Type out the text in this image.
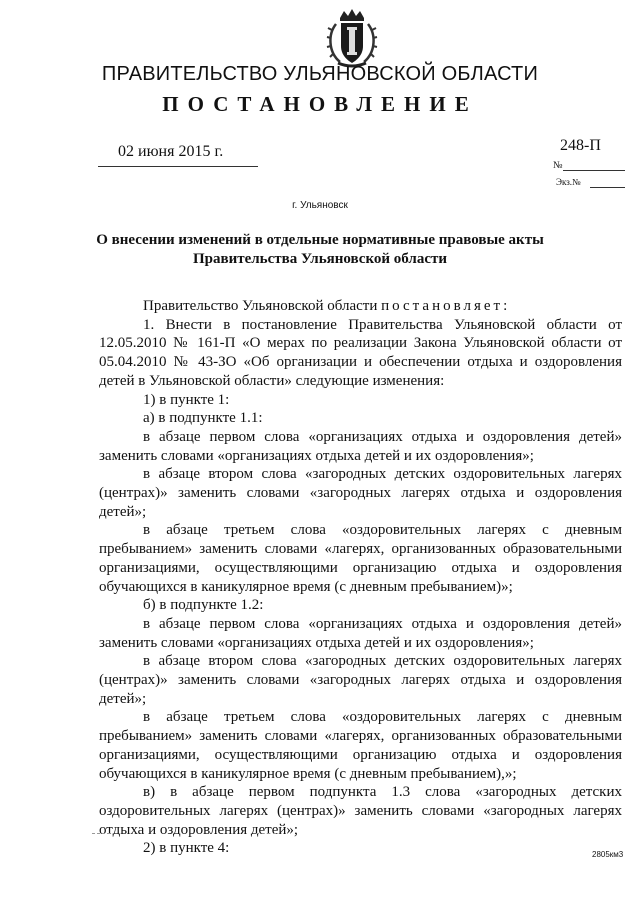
ПРАВИТЕЛЬСТВО УЛЬЯНОВСКОЙ ОБЛАСТИ
ПОСТАНОВЛЕНИЕ
02 июня 2015 г.	248-П
№
Экз.№
г. Ульяновск
О внесении изменений в отдельные нормативные правовые акты
Правительства Ульяновской области

Правительство Ульяновской области постановляет:

1. Внести в постановление Правительства Ульяновской области от 12.05.2010 № 161-П «О мерах по реализации Закона Ульяновской области от 05.04.2010 № 43-ЗО «Об организации и обеспечении отдыха и оздоровления детей в Ульяновской области» следующие изменения:

1) в пункте 1:

а) в подпункте 1.1:

в абзаце первом слова «организациях отдыха и оздоровления детей» заменить словами «организациях отдыха детей и их оздоровления»;

в абзаце втором слова «загородных детских оздоровительных лагерях (центрах)» заменить словами «загородных лагерях отдыха и оздоровления детей»;

в абзаце третьем слова «оздоровительных лагерях с дневным пребыванием» заменить словами «лагерях, организованных образовательными организациями, осуществляющими организацию отдыха и оздоровления обучающихся в каникулярное время (с дневным пребыванием)»;

б) в подпункте 1.2:

в абзаце первом слова «организациях отдыха и оздоровления детей» заменить словами «организациях отдыха детей и их оздоровления»;

в абзаце втором слова «загородных детских оздоровительных лагерях (центрах)» заменить словами «загородных лагерях отдыха и оздоровления детей»;

в абзаце третьем слова «оздоровительных лагерях с дневным пребыванием» заменить словами «лагерях, организованных образовательными организациями, осуществляющими организацию отдыха и оздоровления обучающихся в каникулярное время (с дневным пребыванием),»;

в) в абзаце первом подпункта 1.3 слова «загородных детских оздоровительных лагерях (центрах)» заменить словами «загородных лагерях отдыха и оздоровления детей»;

2) в пункте 4:	2805км3
